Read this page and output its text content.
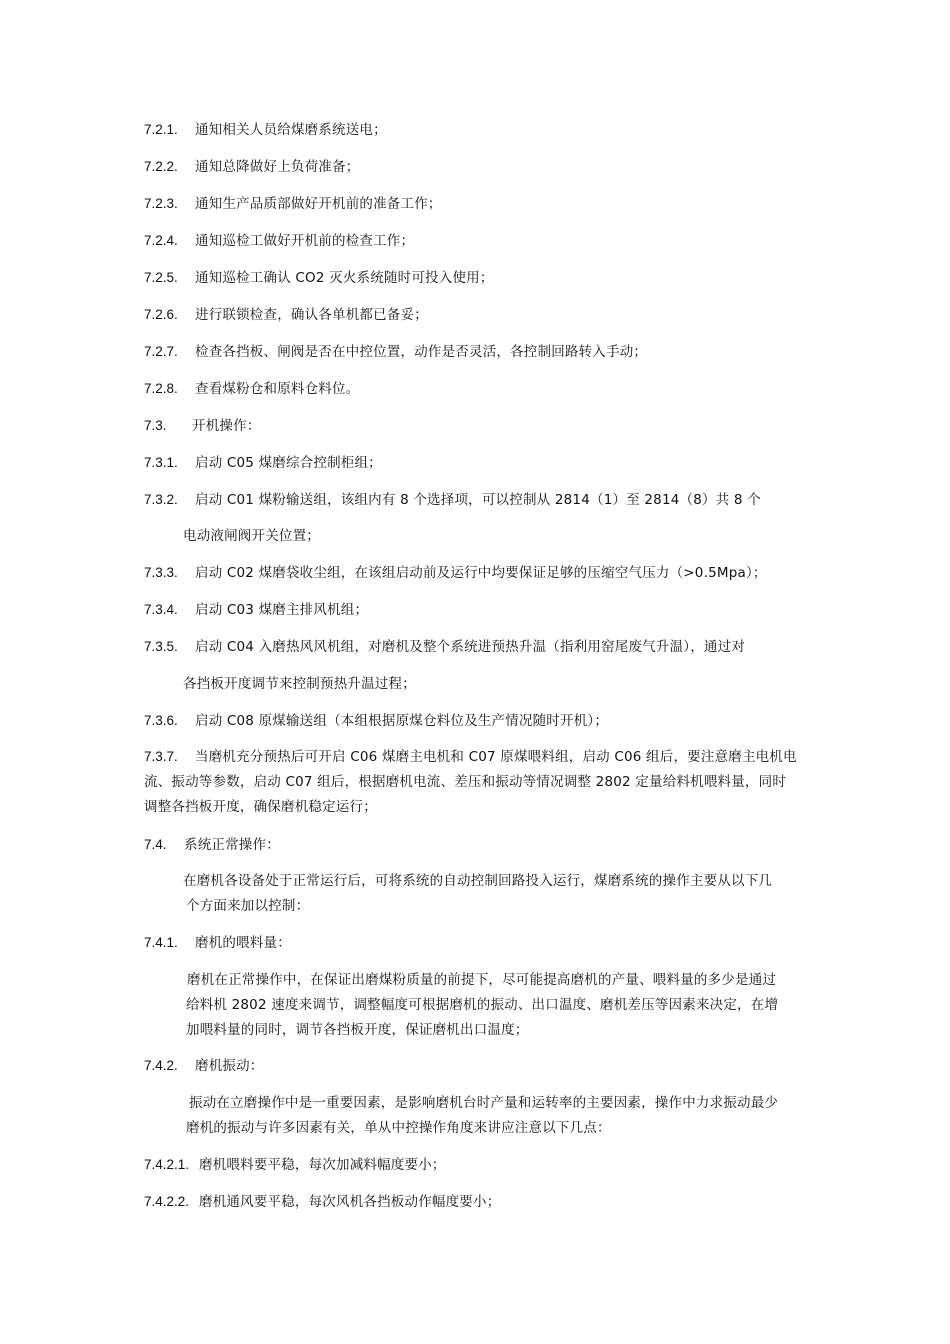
7.2.1. 通知相关人员给煤磨系统送电；
7.2.2. 通知总降做好上负荷准备；
7.2.3. 通知生产品质部做好开机前的准备工作；
7.2.4. 通知巡检工做好开机前的检查工作；
7.2.5. 通知巡检工确认 CO2 灭火系统随时可投入使用；
7.2.6. 进行联锁检查，确认各单机都已备妥；
7.2.7. 检查各挡板、闸阀是否在中控位置，动作是否灵活，各控制回路转入手动；
7.2.8. 查看煤粉仓和原料仓料位。
7.3. 开机操作：
7.3.1. 启动 C05 煤磨综合控制柜组；
7.3.2. 启动 C01 煤粉输送组，该组内有 8 个选择项，可以控制从 2814（1）至 2814（8）共 8 个
电动液闸阀开关位置；
7.3.3. 启动 C02 煤磨袋收尘组，在该组启动前及运行中均要保证足够的压缩空气压力（>0.5Mpa）；
7.3.4. 启动 C03 煤磨主排风机组；
7.3.5. 启动 C04 入磨热风风机组，对磨机及整个系统进预热升温（指利用窑尾废气升温），通过对
各挡板开度调节来控制预热升温过程；
7.3.6. 启动 C08 原煤输送组（本组根据原煤仓料位及生产情况随时开机）；
7.3.7. 当磨机充分预热后可开启 C06 煤磨主电机和 C07 原煤喂料组，启动 C06 组后，要注意磨主电机电
流、振动等参数，启动 C07 组后，根据磨机电流、差压和振动等情况调整 2802 定量给料机喂料量，同时
调整各挡板开度，确保磨机稳定运行；
7.4. 系统正常操作：
在磨机各设备处于正常运行后，可将系统的自动控制回路投入运行，煤磨系统的操作主要从以下几
个方面来加以控制：
7.4.1. 磨机的喂料量：
磨机在正常操作中，在保证出磨煤粉质量的前提下，尽可能提高磨机的产量、喂料量的多少是通过
给料机 2802 速度来调节，调整幅度可根据磨机的振动、出口温度、磨机差压等因素来决定，在增
加喂料量的同时，调节各挡板开度，保证磨机出口温度；
7.4.2. 磨机振动：
振动在立磨操作中是一重要因素，是影响磨机台时产量和运转率的主要因素，操作中力求振动最少
磨机的振动与许多因素有关，单从中控操作角度来讲应注意以下几点：
7.4.2.1. 磨机喂料要平稳，每次加减料幅度要小；
7.4.2.2. 磨机通风要平稳，每次风机各挡板动作幅度要小；
